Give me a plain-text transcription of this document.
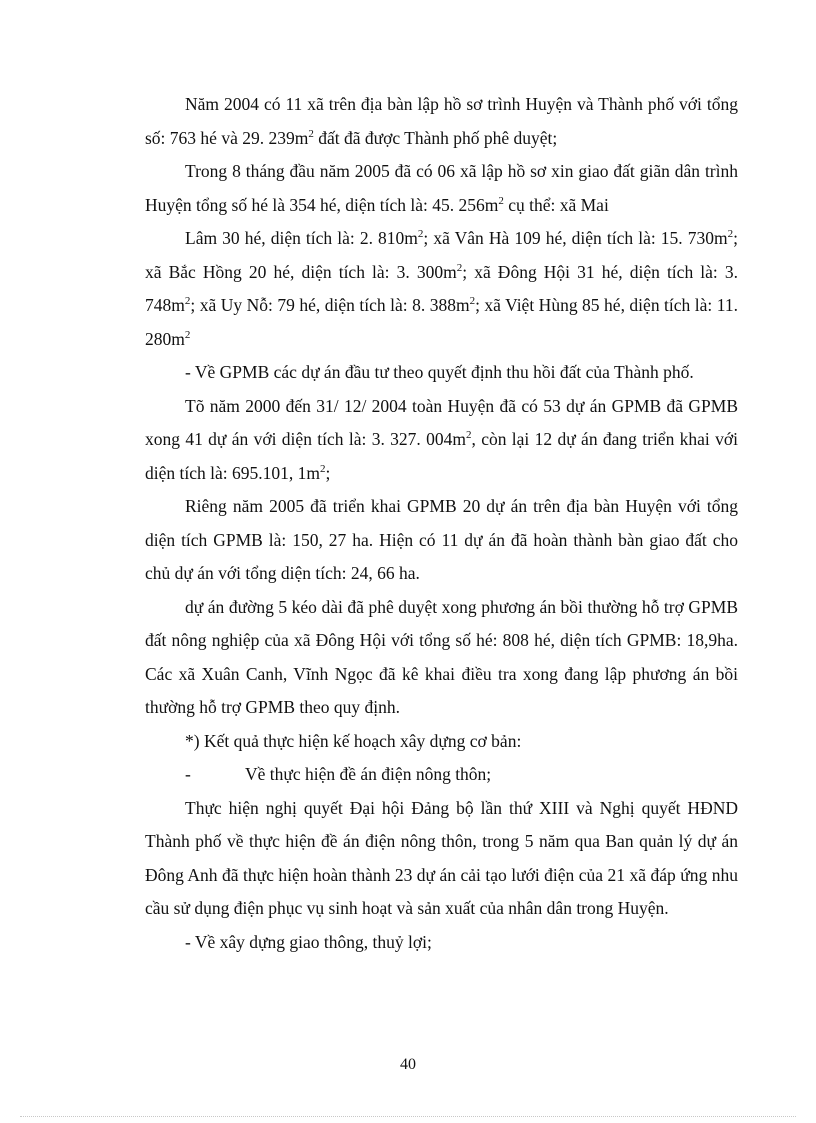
Năm 2004 có 11 xã trên địa bàn lập hồ sơ trình Huyện và Thành phố với tổng số: 763 hé và 29. $239m^2$ đất đã được Thành phố phê duyệt;

Trong 8 tháng đầu năm 2005 đã có 06 xã lập hồ sơ xin giao đất giãn dân trình Huyện tổng số hé là 354 hé, diện tích là: 45. $256m^2$ cụ thể: xã Mai

Lâm 30 hé, diện tích là: 2. $810m^2$; xã Vân Hà 109 hé, diện tích là: 15. $730m^2$; xã Bắc Hồng 20 hé, diện tích là: 3. $300m^2$; xã Đông Hội 31 hé, diện tích là: 3. $748m^2$; xã Uy Nỗ: 79 hé, diện tích là: 8. $388m^2$; xã Việt Hùng 85 hé, diện tích là: 11. $280m^2$

- Về GPMB các dự án đầu tư theo quyết định thu hồi đất của Thành phố.

Tõ năm 2000 đến 31/ 12/ 2004 toàn Huyện đã có 53 dự án GPMB đã GPMB xong 41 dự án với diện tích là: 3. 327. $004m^2$, còn lại 12 dự án đang triển khai với diện tích là: 695.101, $1m^2$;

Riêng năm 2005 đã triển khai GPMB 20 dự án trên địa bàn Huyện với tổng diện tích GPMB là: 150, 27 ha. Hiện có 11 dự án đã hoàn thành bàn giao đất cho chủ dự án với tổng diện tích: 24, 66 ha.

dự án đường 5 kéo dài đã phê duyệt xong phương án bồi thường hỗ trợ GPMB đất nông nghiệp của xã Đông Hội với tổng số hé: 808 hé, diện tích GPMB: 18,9ha. Các xã Xuân Canh, Vĩnh Ngọc đã kê khai điều tra xong đang lập phương án bồi thường hỗ trợ GPMB theo quy định.

*) Kết quả thực hiện kế hoạch xây dựng cơ bản:

-	Về thực hiện đề án điện nông thôn;

Thực hiện nghị quyết Đại hội Đảng bộ lần thứ XIII và Nghị quyết HĐND Thành phố về thực hiện đề án điện nông thôn, trong 5 năm qua Ban quản lý dự án Đông Anh đã thực hiện hoàn thành 23 dự án cải tạo lưới điện của 21 xã đáp ứng nhu cầu sử dụng điện phục vụ sinh hoạt và sản xuất của nhân dân trong Huyện.

- Về xây dựng giao thông, thuỷ lợi;

40
